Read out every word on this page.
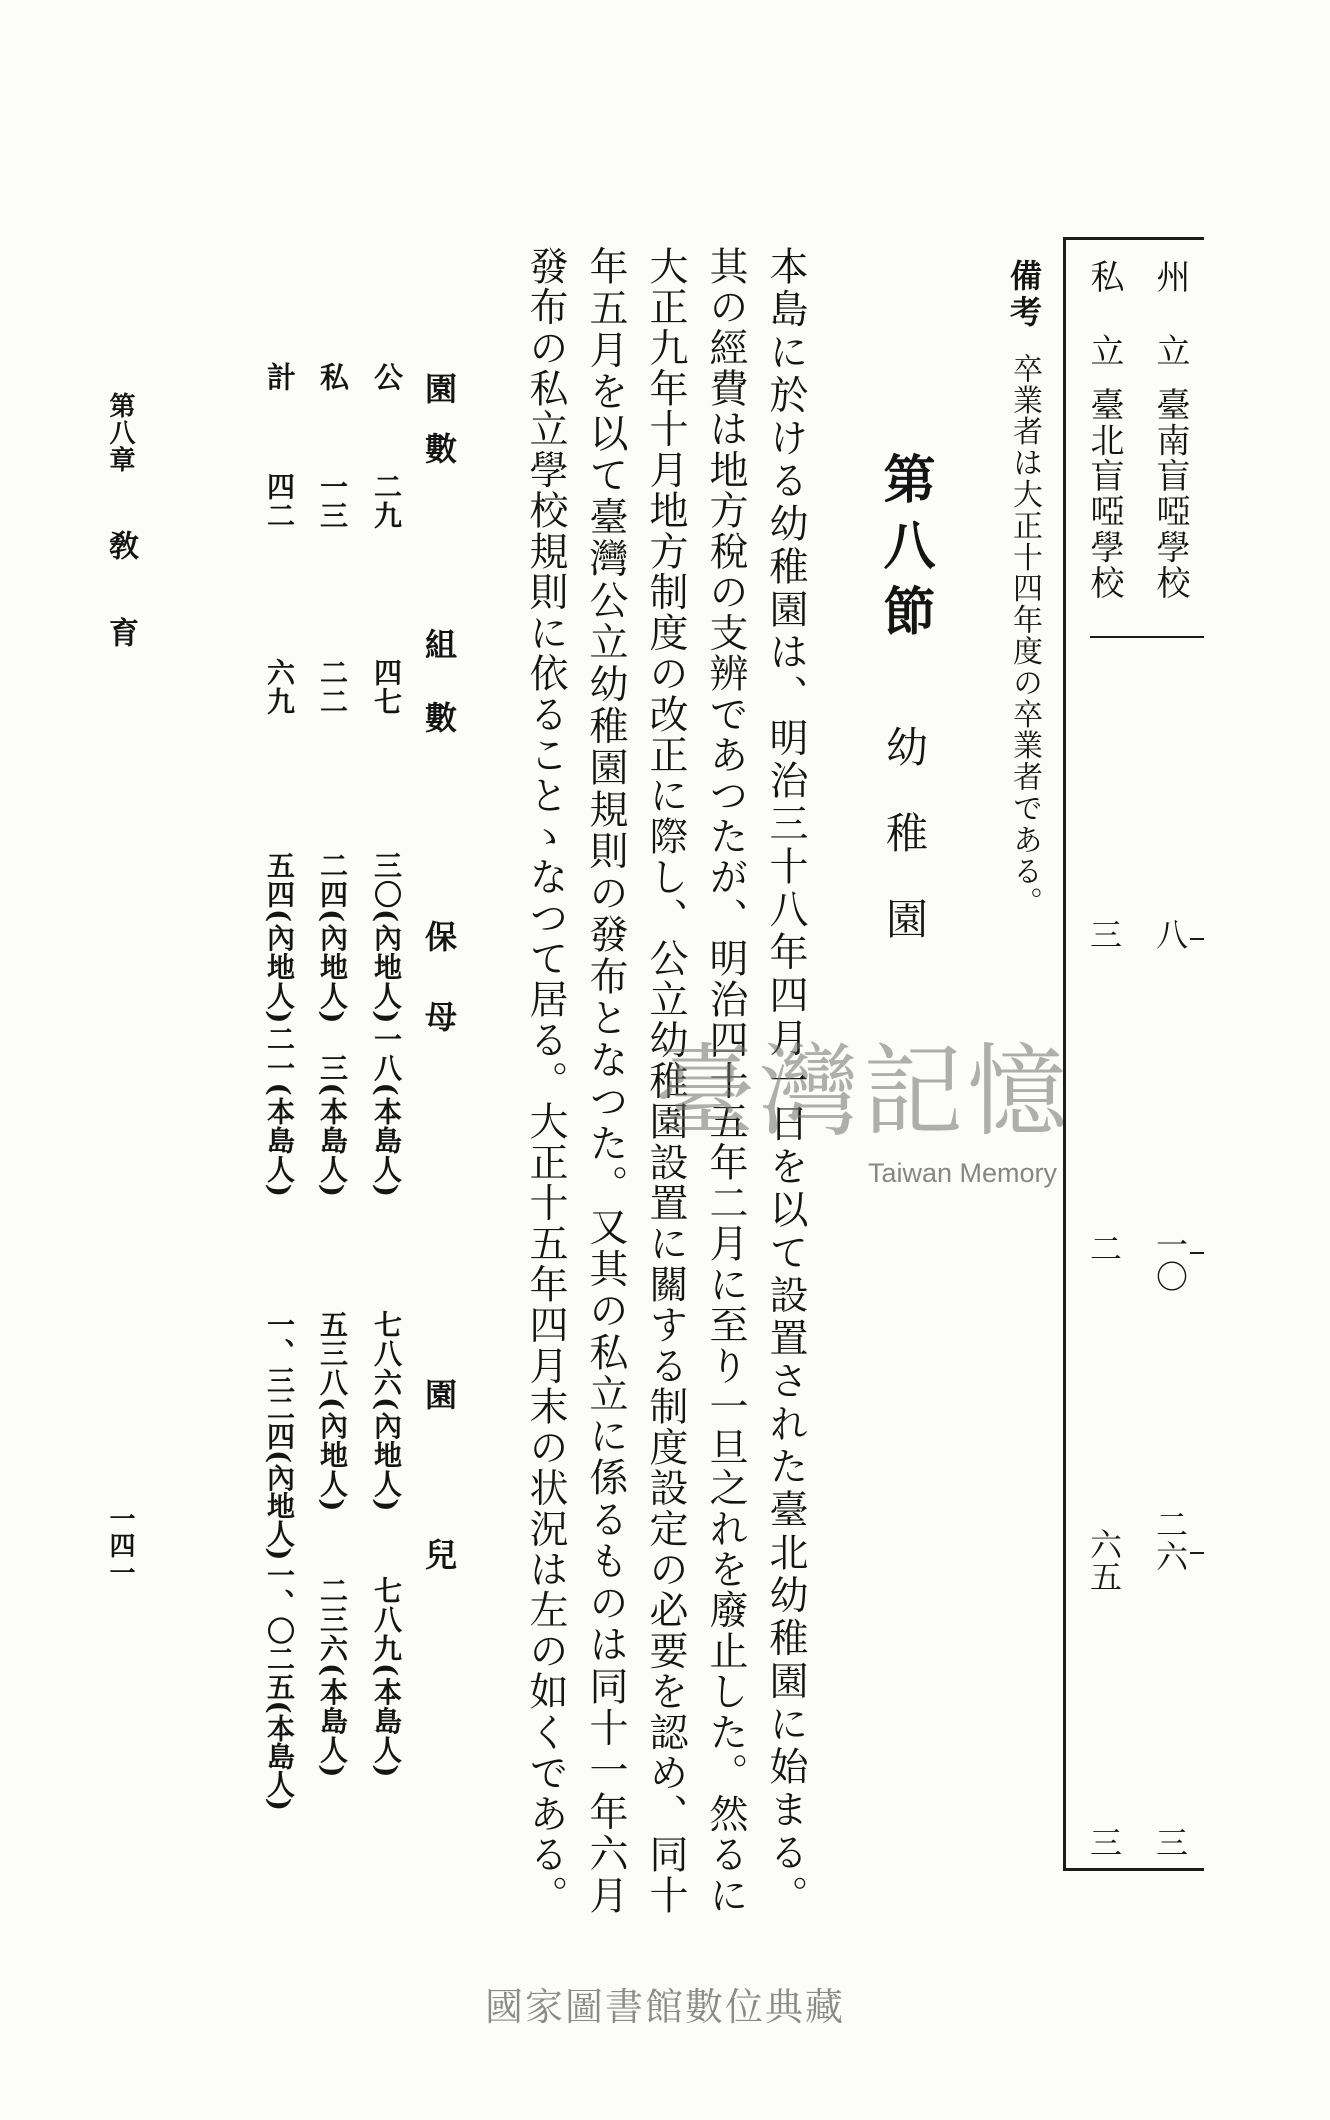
州立臺南盲啞學校
八
一〇
二六
三
私立臺北盲啞學校
三
二
六五
三
備考卒業者は大正十四年度の卒業者である。
第八節幼稚園
本島に於ける幼稚園は、明治三十八年四月一日を以て設置された臺北幼稚園に始まる。
其の經費は地方稅の支辨であつたが、明治四十五年二月に至り一旦之れを廢止した。然るに
大正九年十月地方制度の改正に際し、公立幼稚園設置に關する制度設定の必要を認め、同十
年五月を以て臺灣公立幼稚園規則の發布となつた。又其の私立に係るものは同十一年六月
發布の私立學校規則に依ることゝなつて居る。大正十五年四月末の状況は左の如くである。
園數
組數
保母
園兒
公
二九
四七
三〇(內地人)一八(本島人)
七八六(內地人)
七八九(本島人)
私
一三
二二
二四(內地人)　三(本島人)
五三八(內地人)
二三六(本島人)
計
四二
六九
五四(內地人)二一(本島人)
一、三二四(內地人)一、〇二五(本島人)
第八章
敎育
一四一
臺灣記憶
Taiwan Memory
國家圖書館數位典藏
